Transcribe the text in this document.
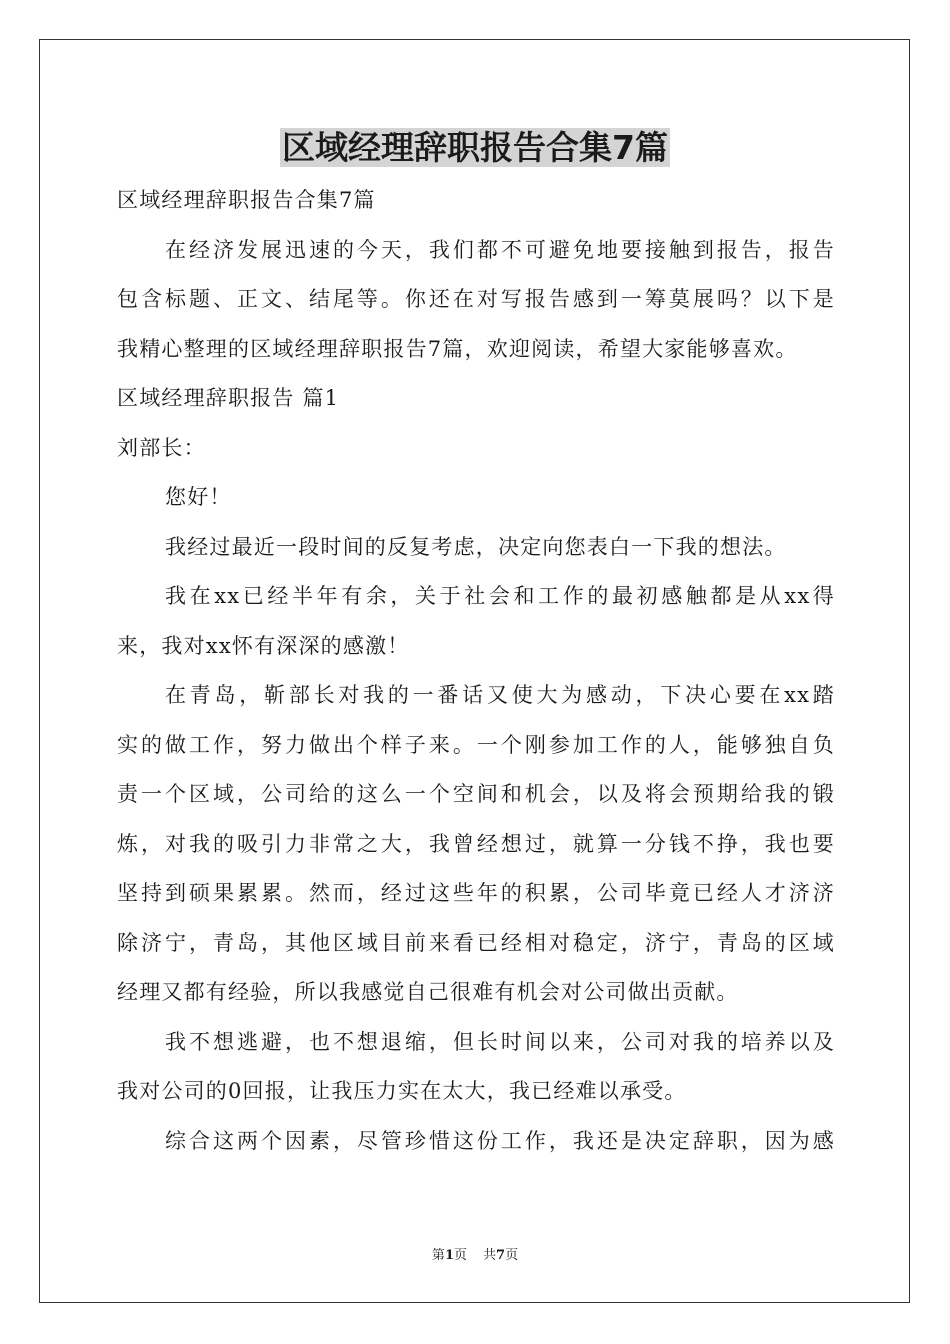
区域经理辞职报告合集7篇
区域经理辞职报告合集7篇
在经济发展迅速的今天，我们都不可避免地要接触到报告，报告
包含标题、正文、结尾等。你还在对写报告感到一筹莫展吗？以下是
我精心整理的区域经理辞职报告7篇，欢迎阅读，希望大家能够喜欢。
区域经理辞职报告 篇1
刘部长：
您好！
我经过最近一段时间的反复考虑，决定向您表白一下我的想法。
我在xx已经半年有余，关于社会和工作的最初感触都是从xx得
来，我对xx怀有深深的感激！
在青岛，靳部长对我的一番话又使大为感动，下决心要在xx踏
实的做工作，努力做出个样子来。一个刚参加工作的人，能够独自负
责一个区域，公司给的这么一个空间和机会，以及将会预期给我的锻
炼，对我的吸引力非常之大，我曾经想过，就算一分钱不挣，我也要
坚持到硕果累累。然而，经过这些年的积累，公司毕竟已经人才济济
除济宁，青岛，其他区域目前来看已经相对稳定，济宁，青岛的区域
经理又都有经验，所以我感觉自己很难有机会对公司做出贡献。
我不想逃避，也不想退缩，但长时间以来，公司对我的培养以及
我对公司的0回报，让我压力实在太大，我已经难以承受。
综合这两个因素，尽管珍惜这份工作，我还是决定辞职，因为感
第1页 共7页
